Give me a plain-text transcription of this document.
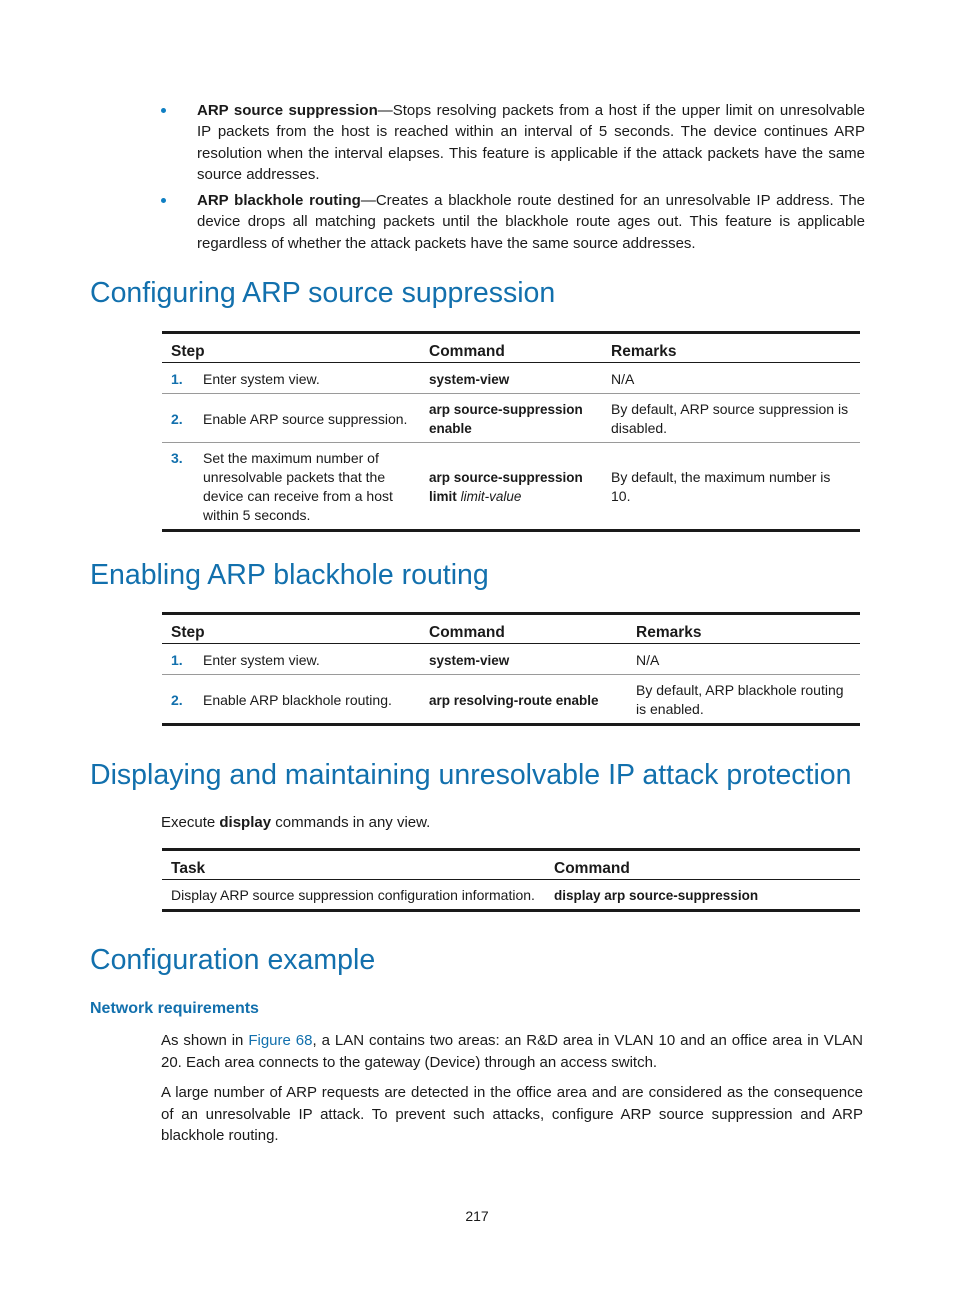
ARP source suppression—Stops resolving packets from a host if the upper limit on unresolvable IP packets from the host is reached within an interval of 5 seconds. The device continues ARP resolution when the interval elapses. This feature is applicable if the attack packets have the same source addresses.
ARP blackhole routing—Creates a blackhole route destined for an unresolvable IP address. The device drops all matching packets until the blackhole route ages out. This feature is applicable regardless of whether the attack packets have the same source addresses.
Configuring ARP source suppression
Step	Command	Remarks
1. Enter system view.	system-view	N/A
2. Enable ARP source suppression.	arp source-suppression
enable	By default, ARP source suppression is disabled.
3. Set the maximum number of unresolvable packets that the device can receive from a host within 5 seconds.	arp source-suppression
limit limit-value	By default, the maximum number is 10.
Enabling ARP blackhole routing
Step	Command	Remarks
1. Enter system view.	system-view	N/A
2. Enable ARP blackhole routing.	arp resolving-route enable	By default, ARP blackhole routing is enabled.
Displaying and maintaining unresolvable IP attack protection

Execute display commands in any view.

Task	Command
Display ARP source suppression configuration information.	display arp source-suppression
Configuration example
Network requirements

As shown in Figure 68, a LAN contains two areas: an R&D area in VLAN 10 and an office area in VLAN 20. Each area connects to the gateway (Device) through an access switch.

A large number of ARP requests are detected in the office area and are considered as the consequence of an unresolvable IP attack. To prevent such attacks, configure ARP source suppression and ARP blackhole routing.

217
